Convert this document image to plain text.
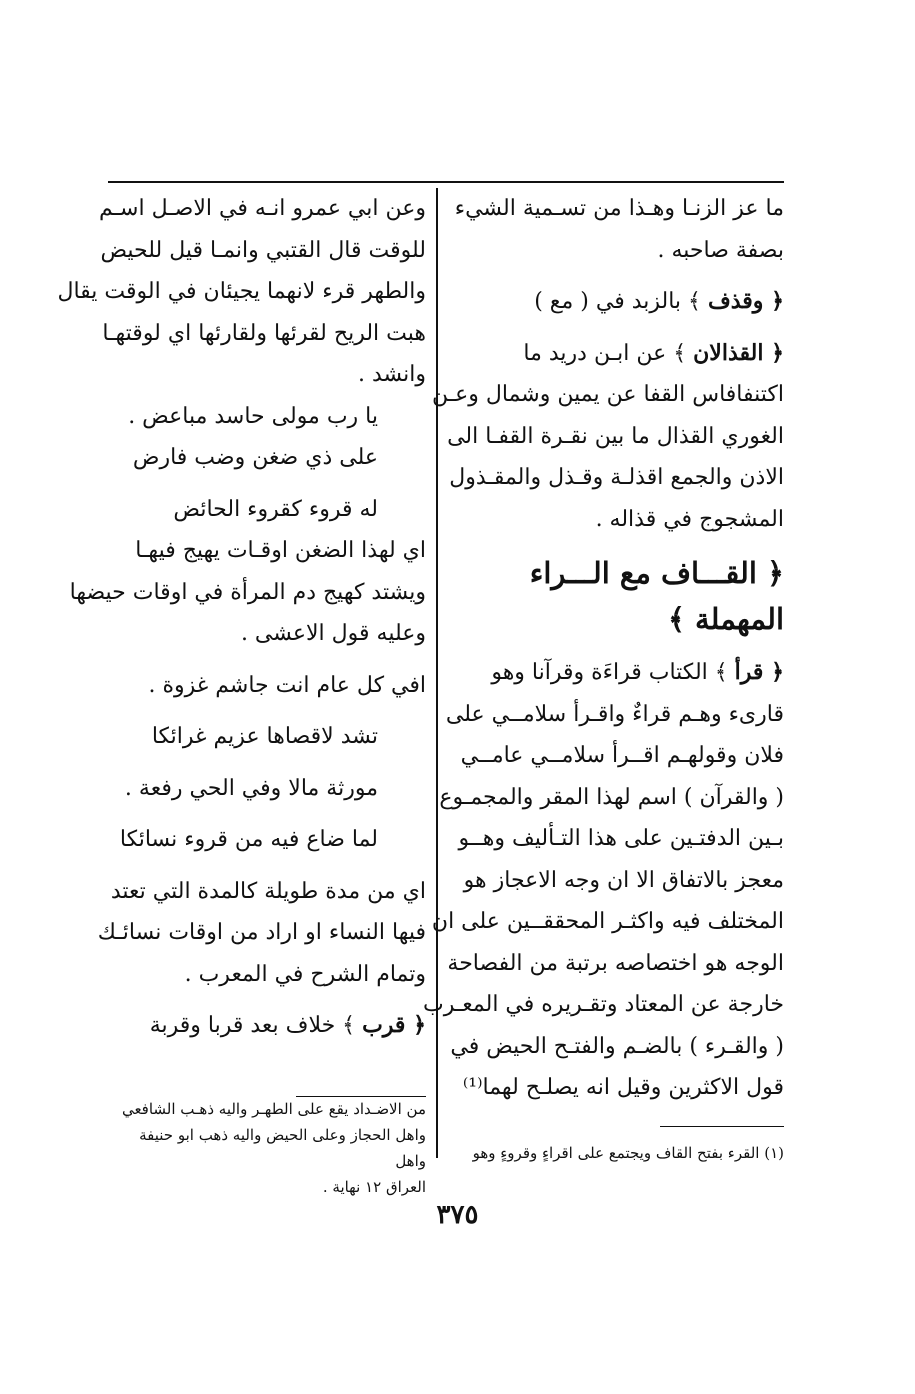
ما عز الزنـا وهـذا من تسـمية الشيء
بصفة صاحبه .
﴿ وقذف ﴾ بالزبد في ( مع )
﴿ القذالان ﴾ عن ابـن دريد ما
اكتنفافاس القفا عن يمين وشمال وعـن
الغوري القذال ما بين نقـرة القفـا الى
الاذن والجمع اقذلـة وقـذل والمقـذول
المشجوج في قذاله .
﴿ القـــاف مع الـــراء
المهملة ﴾
﴿ قرأ ﴾ الكتاب قراءَة وقرآنا وهو
قارىء وهـم قراءٌ واقـرأ سلامــي على
فلان وقولهـم اقــرأ سلامــي عامــي
( والقرآن ) اسم لهذا المقر والمجمـوع
بـين الدفتـين على هذا التـأليف وهــو
معجز بالاتفاق الا ان وجه الاعجاز هو
المختلف فيه واكثـر المحققــين على ان
الوجه هو اختصاصه برتبة من الفصاحة
خارجة عن المعتاد وتقـريره في المعـرب
( والقـرء ) بالضـم والفتـح الحيض في
قول الاكثرين وقيل انه يصلـح لهما⁽¹⁾
وعن ابي عمرو انـه في الاصـل اسـم
للوقت قال القتبي وانمـا قيل للحيض
والطهر قرء لانهما يجيئان في الوقت يقال
هبت الريح لقرئها ولقارئها اي لوقتهـا
وانشد .
يا رب مولى حاسد مباعض .
على ذي ضغن وضب فارض
له قروء كقروء الحائض
اي لهذا الضغن اوقـات يهيج فيهـا
ويشتد كهيج دم المرأة في اوقات حيضها
وعليه قول الاعشى .
افي كل عام انت جاشم غزوة .
تشد لاقصاها عزيم غرائكا
مورثة مالا وفي الحي رفعة .
لما ضاع فيه من قروء نسائكا
اي من مدة طويلة كالمدة التي تعتد
فيها النساء او اراد من اوقات نسائـك
وتمام الشرح في المعرب .
﴿ قرب ﴾ خلاف بعد قربا وقربة
من الاضـداد يقع على الطهـر واليه ذهـب الشافعي
واهل الحجاز وعلى الحيض واليه ذهب ابو حنيفة واهل
العراق ١٢ نهاية .
(١) القرء بفتح القاف ويجتمع على اقراءٍ وقروءٍ وهو
٣٧٥
